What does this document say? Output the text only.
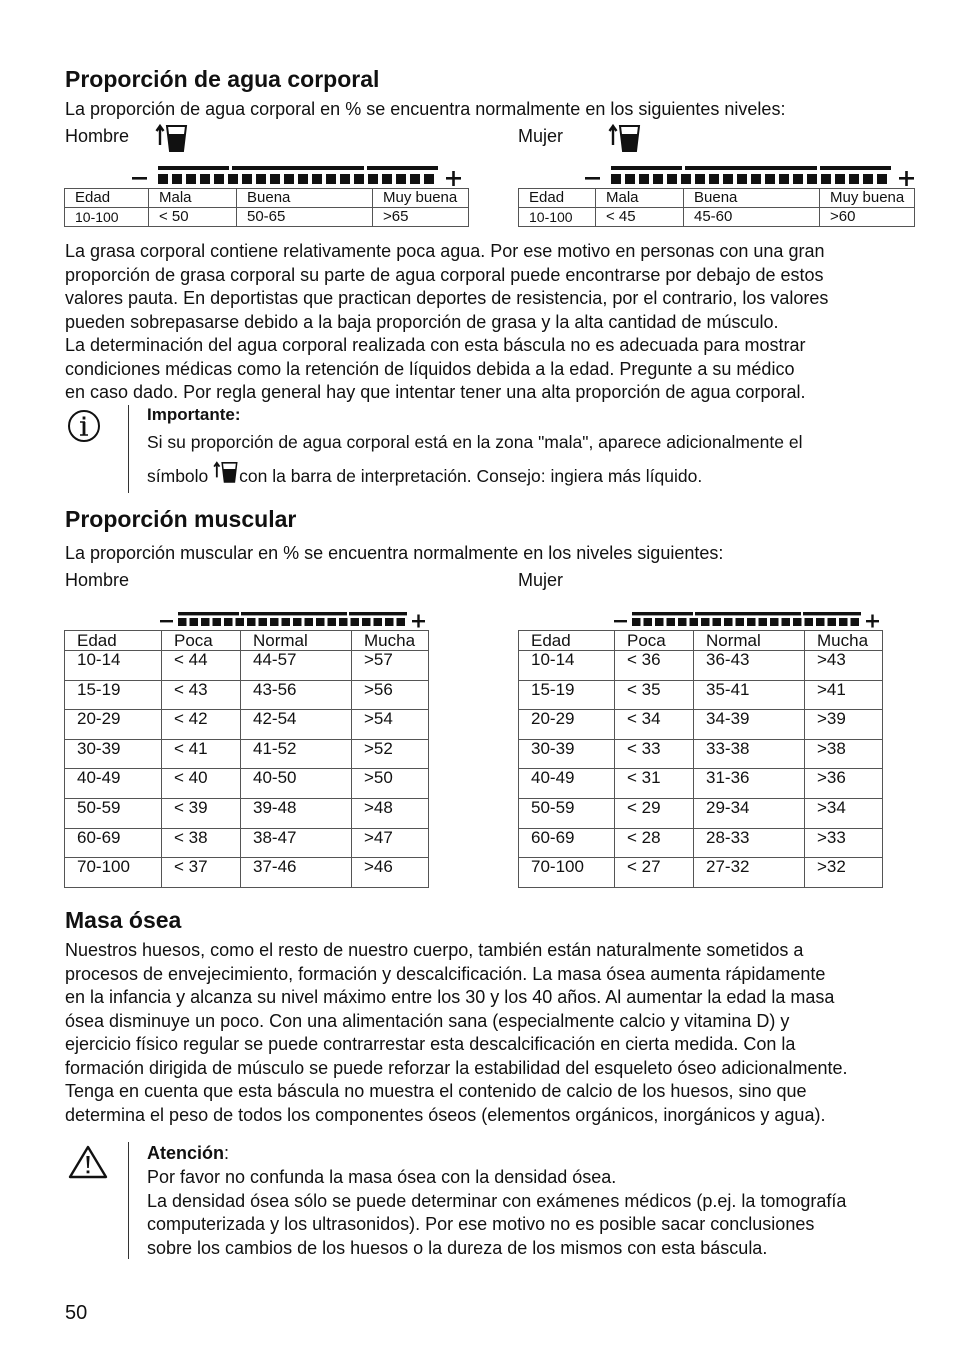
Proporción de agua corporal

La proporción de agua corporal en % se encuentra normalmente en los siguientes niveles:

Hombre	Mujer
Edad	Mala	Buena	Muy buena
10-100	< 50	50-65	>65
Edad	Mala	Buena	Muy buena
10-100	< 45	45-60	>60

La grasa corporal contiene relativamente poca agua. Por ese motivo en personas con una gran

proporción de grasa corporal su parte de agua corporal puede encontrarse por debajo de estos

valores pauta. En deportistas que practican deportes de resistencia, por el contrario, los valores

pueden sobrepasarse debido a la baja proporción de grasa y la alta cantidad de músculo.

La determinación del agua corporal realizada con esta báscula no es adecuada para mostrar

condiciones médicas como la retención de líquidos debida a la edad. Pregunte a su médico

en caso dado. Por regla general hay que intentar tener una alta proporción de agua corporal.

Importante:
Si su proporción de agua corporal está en la zona "mala", aparece adicionalmente el
símbolo con la barra de interpretación. Consejo: ingiera más líquido.
Proporción muscular

La proporción muscular en % se encuentra normalmente en los niveles siguientes:

Hombre	Mujer
Edad	Poca	Normal	Mucha
10-14	< 44	44-57	>57
15-19	< 43	43-56	>56
20-29	< 42	42-54	>54
30-39	< 41	41-52	>52
40-49	< 40	40-50	>50
50-59	< 39	39-48	>48
60-69	< 38	38-47	>47
70-100	< 37	37-46	>46
Edad	Poca	Normal	Mucha
10-14	< 36	36-43	>43
15-19	< 35	35-41	>41
20-29	< 34	34-39	>39
30-39	< 33	33-38	>38
40-49	< 31	31-36	>36
50-59	< 29	29-34	>34
60-69	< 28	28-33	>33
70-100	< 27	27-32	>32
Masa ósea

Nuestros huesos, como el resto de nuestro cuerpo, también están naturalmente sometidos a

procesos de envejecimiento, formación y descalcificación. La masa ósea aumenta rápidamente

en la infancia y alcanza su nivel máximo entre los 30 y los 40 años. Al aumentar la edad la masa

ósea disminuye un poco. Con una alimentación sana (especialmente calcio y vitamina D) y

ejercicio físico regular se puede contrarrestar esta descalcificación en cierta medida. Con la

formación dirigida de músculo se puede reforzar la estabilidad del esqueleto óseo adicionalmente.

Tenga en cuenta que esta báscula no muestra el contenido de calcio de los huesos, sino que

determina el peso de todos los componentes óseos (elementos orgánicos, inorgánicos y agua).

Atención:

Por favor no confunda la masa ósea con la densidad ósea.

La densidad ósea sólo se puede determinar con exámenes médicos (p.ej. la tomografía

computerizada y los ultrasonidos). Por ese motivo no es posible sacar conclusiones

sobre los cambios de los huesos o la dureza de los mismos con esta báscula.

50
